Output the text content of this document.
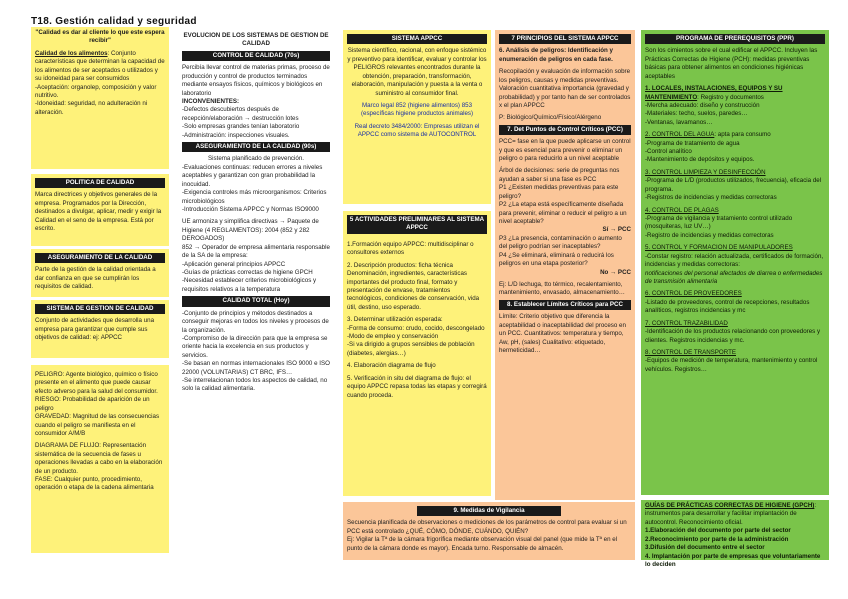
T18. Gestión calidad y seguridad

"Calidad es dar al cliente lo que este espera recibir"

Calidad de los alimentos: Conjunto características que determinan la capacidad de los alimentos de ser aceptados o utilizados y su idoneidad para ser consumidos

-Aceptación: organolep, composición y valor nutritivo.

-Idoneidad: seguridad, no adulteración ni alteración.

POLITICA DE CALIDAD

Marca directrices y objetivos generales de la empresa. Programados por la Dirección, destinados a divulgar, aplicar, medir y exigir la Calidad en el seno de la empresa. Está por escrito.

ASEGURAMIENTO DE LA CALIDAD

Parte de la gestión de la calidad orientada a dar confianza en que se cumplirán los requisitos de calidad.

SISTEMA DE GESTION DE CALIDAD

Conjunto de actividades que desarrolla una empresa para garantizar que cumple sus objetivos de calidad: ej: APPCC

PELIGRO: Agente biológico, químico o físico presente en el alimento que puede causar efecto adverso para la salud del consumidor.

RIESGO: Probabilidad de aparición de un peligro

GRAVEDAD: Magnitud de las consecuencias cuando el peligro se manifiesta en el consumidor A/M/B

DIAGRAMA DE FLUJO: Representación sistemática de la secuencia de fases u operaciones llevadas a cabo en la elaboración de un producto.

FASE: Cualquier punto, procedimiento, operación o etapa de la cadena alimentaria

EVOLUCION DE LOS SISTEMAS DE GESTION DE CALIDAD

CONTROL DE CALIDAD (70s)

Percibía llevar control de materias primas, proceso de producción y control de productos terminados mediante ensayos físicos, químicos y biológicos en laboratorio

INCONVENIENTES:

-Defectos descubiertos después de recepción/elaboración → destrucción lotes

-Solo empresas grandes tenían laboratorio

-Administración: inspecciones visuales.

ASEGURAMIENTO DE LA CALIDAD (90s)

Sistema planificado de prevención.

-Evaluaciones continuas: reducen errores a niveles aceptables y garantizan con gran probabilidad la inocuidad.

-Exigencia controles más microorganismos: Criterios microbiológicos

-Introducción Sistema APPCC y Normas ISO9000

UE armoniza y simplifica directivas → Paquete de Higiene (4 REGLAMENTOS): 2004 (852 y 282 DEROGADOS)

852 → Operador de empresa alimentaria responsable de la SA de la empresa:

-Aplicación general principios APPCC

-Guías de prácticas correctas de higiene GPCH

-Necesidad establecer criterios microbiológicos y requisitos relativos a la temperatura

CALIDAD TOTAL (Hoy)

-Conjunto de principios y métodos destinados a conseguir mejoras en todos los niveles y procesos de la organización.

-Compromiso de la dirección para que la empresa se oriente hacia la excelencia en sus productos y servicios.

-Se basan en normas internacionales ISO 9000 e ISO 22000 (VOLUNTARIAS) CT BRC, IFS…

-Se interrelacionan todos los aspectos de calidad, no solo la calidad alimentaria.

SISTEMA APPCC

Sistema científico, racional, con enfoque sistémico y preventivo para identificar, evaluar y controlar los PELIGROS relevantes encontrados durante la obtención, preparación, transformación, elaboración, manipulación y puesta a la venta o suministro al consumidor final.

Marco legal 852 (higiene alimentos) 853 (específicas higiene productos animales)

Real decreto 3484/2000: Empresas utilizan el APPCC como sistema de AUTOCONTROL

5 ACTIVIDADES PRELIMINARES AL SISTEMA APPCC

1.Formación equipo APPCC: multidisciplinar o consultores externos

2. Descripción productos: ficha técnica Denominación, ingredientes, características importantes del producto final, formato y presentación de envase, tratamientos tecnológicos, condiciones de conservación, vida útil, destino, uso esperado.

3. Determinar utilización esperada:

-Forma de consumo: crudo, cocido, descongelado

-Modo de empleo y conservación

-Si va dirigido a grupos sensibles de población (diabetes, alergias…)

4. Elaboración diagrama de flujo

5. Verificación in situ del diagrama de flujo: el equipo APPCC repasa todas las etapas y corregirá cuando proceda.

7 PRINCIPIOS DEL SISTEMA APPCC

6. Análisis de peligros: Identificación y enumeración de peligros en cada fase.

Recopilación y evaluación de información sobre los peligros, causas y medidas preventivas.

Valoración cuantitativa importancia (gravedad y probabilidad) y por tanto han de ser controlados x el plan APPCC

P: Biológico/Químico/Físico/Alérgeno

7. Det Puntos de Control Críticos (PCC)

PCC= fase en la que puede aplicarse un control y que es esencial para prevenir o eliminar un peligro o para reducirlo a un nivel aceptable

Árbol de decisiones: serie de preguntas nos ayudan a saber si una fase es PCC

P1 ¿Existen medidas preventivas para este peligro?

P2 ¿La etapa está específicamente diseñada para prevenir, eliminar o reducir el peligro a un nivel aceptable?

Sí → PCC

P3 ¿La presencia, contaminación o aumento del peligro podrían ser inaceptables?

P4 ¿Se eliminará, eliminará o reducirá los peligros en una etapa posterior?

No → PCC

Ej: L/D lechuga, tto térmico, recalentamiento, mantenimiento, envasado, almacenamiento…

8. Establecer Límites Críticos para PCC

Límite: Criterio objetivo que diferencia la aceptabilidad o inaceptabilidad del proceso en un PCC. Cuantitativos: temperatura y tiempo, Aw, pH, (sales) Cualitativo: etiquetado, hermeticidad…

9. Medidas de Vigilancia

Secuencia planificada de observaciones o mediciones de los parámetros de control para evaluar si un PCC está controlado ¿QUÉ, CÓMO, DÓNDE, CUÁNDO, QUIÉN?

Ej: Vigilar la Tª de la cámara frigorífica mediante observación visual del panel (que mide la Tª en el punto de la cámara donde es mayor). Encada turno. Responsable de almacén.

PROGRAMA DE PREREQUISITOS (PPR)

Son los cimientos sobre el cual edificar el APPCC. Incluyen las Prácticas Correctas de Higiene (PCH): medidas preventivas básicas para obtener alimentos en condiciones higiénicas aceptables

1. LOCALES, INSTALACIONES, EQUIPOS Y SU MANTENIMIENTO: Registro y documentos

-Mercha adecuado: diseño y construcción

-Materiales: techo, suelos, paredes…

-Ventanas, lavamanos…

2. CONTROL DEL AGUA: apta para consumo

-Programa de tratamiento de agua

-Control analítico

-Mantenimiento de depósitos y equipos.

3. CONTROL LIMPIEZA Y DESINFECCIÓN

-Programa de L/D (productos utilizados, frecuencia), eficacia del programa.

-Registros de incidencias y medidas correctoras

4. CONTROL DE PLAGAS

-Programa de vigilancia y tratamiento control utilizado (mosquiteras, luz UV…)

-Registro de incidencias y medidas correctoras

5. CONTROL Y FORMACION DE MANIPULADORES

-Constar registro: relación actualizada, certificados de formación, incidencias y medidas correctoras:

notificaciones del personal afectados de diarrea o enfermedades de transmisión alimentaria

6. CONTROL DE PROVEEDORES

-Listado de proveedores, control de recepciones, resultados analíticos, registros incidencias y mc

7. CONTROL TRAZABILIDAD

-Identificación de los productos relacionando con proveedores y clientes. Registros incidencias y mc.

8. CONTROL DE TRANSPORTE

-Equipos de medición de temperatura, mantenimiento y control vehículos. Registros…

GUÍAS DE PRÁCTICAS CORRECTAS DE HIGIENE (GPCH): instrumentos para desarrollar y facilitar implantación de autocontrol. Reconocimiento oficial.

1.Elaboración del documento por parte del sector

2.Reconocimiento por parte de la administración

3.Difusión del documento entre el sector

4. Implantación por parte de empresas que voluntariamente lo deciden
